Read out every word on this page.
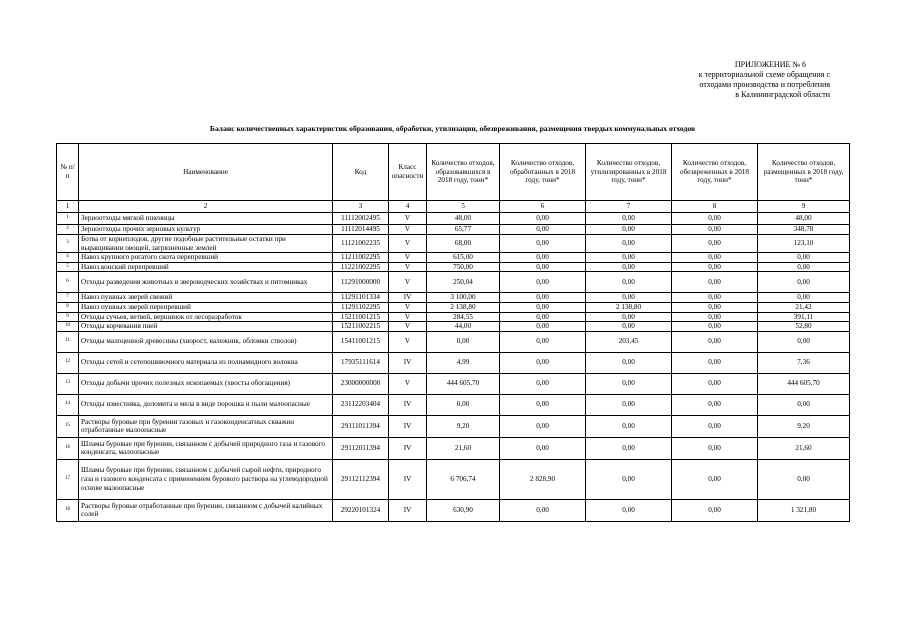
ПРИЛОЖЕНИЕ № 6
к территориальной схеме обращения с
отходами производства и потребления
в Калининградской области
Баланс количественных характеристик образования, обработки, утилизации, обезвреживания, размещения твердых коммунальных отходов
№ п/п	Наименование	Код	Класс опасности	Количество отходов, образовавшихся в 2018 году, тонн*	Количество отходов, обработанных в 2018 году, тонн*	Количество отходов, утилизированных в 2018 году, тонн*	Количество отходов, обезвреженных в 2018 году, тонн*	Количество отходов, размещенных в 2018 году, тонн*
1	2	3	4	5	6	7	8	9
1	Зерноотходы мягкой пшеницы	11112002495	V	48,00	0,00	0,00	0,00	48,00
2	Зерноотходы прочих зерновых культур	11112014495	V	65,77	0,00	0,00	0,00	348,78
3	Ботва от корнеплодов, другие подобные растительные остатки при выращивании овощей, загрязненные землей	11121002235	V	68,00	0,00	0,00	0,00	123,10
4	Навоз крупного рогатого скота перепревший	11211002295	V	615,00	0,00	0,00	0,00	0,00
5	Навоз конский перепревший	11221002295	V	750,00	0,00	0,00	0,00	0,00
6	Отходы разведения животных в звероводческих хозяйствах и питомниках	11291000000	V	250,04	0,00	0,00	0,00	0,00
7	Навоз пушных зверей свежий	11291101334	IV	3 100,00	0,00	0,00	0,00	0,00
8	Навоз пушных зверей перепревший	11291102295	V	2 138,80	0,00	2 138,80	0,00	21,42
9	Отходы сучьев, ветвей, вершинок от лесоразработок	15211001215	V	284,55	0,00	0,00	0,00	391,11
10	Отходы корчевания пней	15211002215	V	44,00	0,00	0,00	0,00	52,80
11	Отходы малоценной древесины (хворост, валежник, обломки стволов)	15411001215	V	0,00	0,00	203,45	0,00	0,00
12	Отходы сетей и сетепошивочного материала из полиамидного волокна	17935111614	IV	4,99	0,00	0,00	0,00	7,36
13	Отходы добычи прочих полезных ископаемых (хвосты обогащения)	23000000000	V	444 605,70	0,00	0,00	0,00	444 605,70
14	Отходы известняка, доломита и мела в виде порошка и пыли малоопасные	23112203404	IV	0,00	0,00	0,00	0,00	0,00
15	Растворы буровые при бурении газовых и газоконденсатных скважин отработанные малоопасные	29111011394	IV	9,20	0,00	0,00	0,00	9,20
16	Шламы буровые при бурении, связанном с добычей природного газа и газового конденсата, малоопасные	29112011394	IV	21,60	0,00	0,00	0,00	21,60
17	Шламы буровые при бурении, связанном с добычей сырой нефти, природного газа и газового конденсата с применением бурового раствора на углеводородной основе малоопасные	29112112394	IV	6 706,74	2 828,90	0,00	0,00	0,00
18	Растворы буровые отработанные при бурении, связанном с добычей калийных солей	29220101324	IV	630,90	0,00	0,00	0,00	1 321,80
